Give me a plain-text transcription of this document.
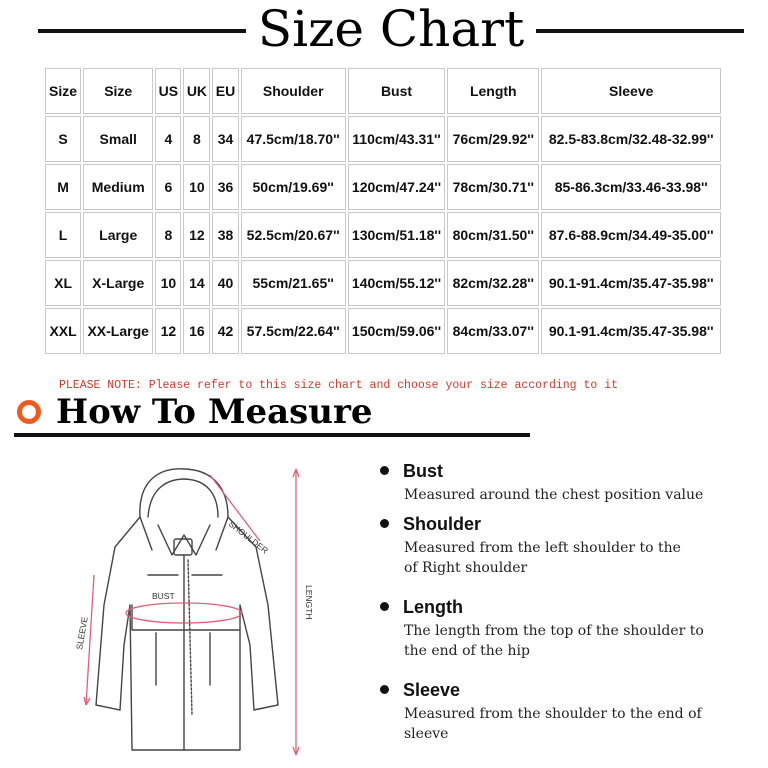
Size Chart
Size	Size	US	UK	EU	Shoulder	Bust	Length	Sleeve
S	Small	4	8	34	47.5cm/18.70''	110cm/43.31''	76cm/29.92''	82.5-83.8cm/32.48-32.99''
M	Medium	6	10	36	50cm/19.69''	120cm/47.24''	78cm/30.71''	85-86.3cm/33.46-33.98''
L	Large	8	12	38	52.5cm/20.67''	130cm/51.18''	80cm/31.50''	87.6-88.9cm/34.49-35.00''
XL	X-Large	10	14	40	55cm/21.65''	140cm/55.12''	82cm/32.28''	90.1-91.4cm/35.47-35.98''
XXL	XX-Large	12	16	42	57.5cm/22.64''	150cm/59.06''	84cm/33.07''	90.1-91.4cm/35.47-35.98''
PLEASE NOTE: Please refer to this size chart and choose your size according to it
How To Measure
SHOULDER
BUST	LENGTH
SLEEVE
Bust
Measured around the chest position value
Shoulder
Measured from the left shoulder to the of Right shoulder
Length
The length from the top of the shoulder to the end of the hip
Sleeve
Measured from the shoulder to the end of sleeve
